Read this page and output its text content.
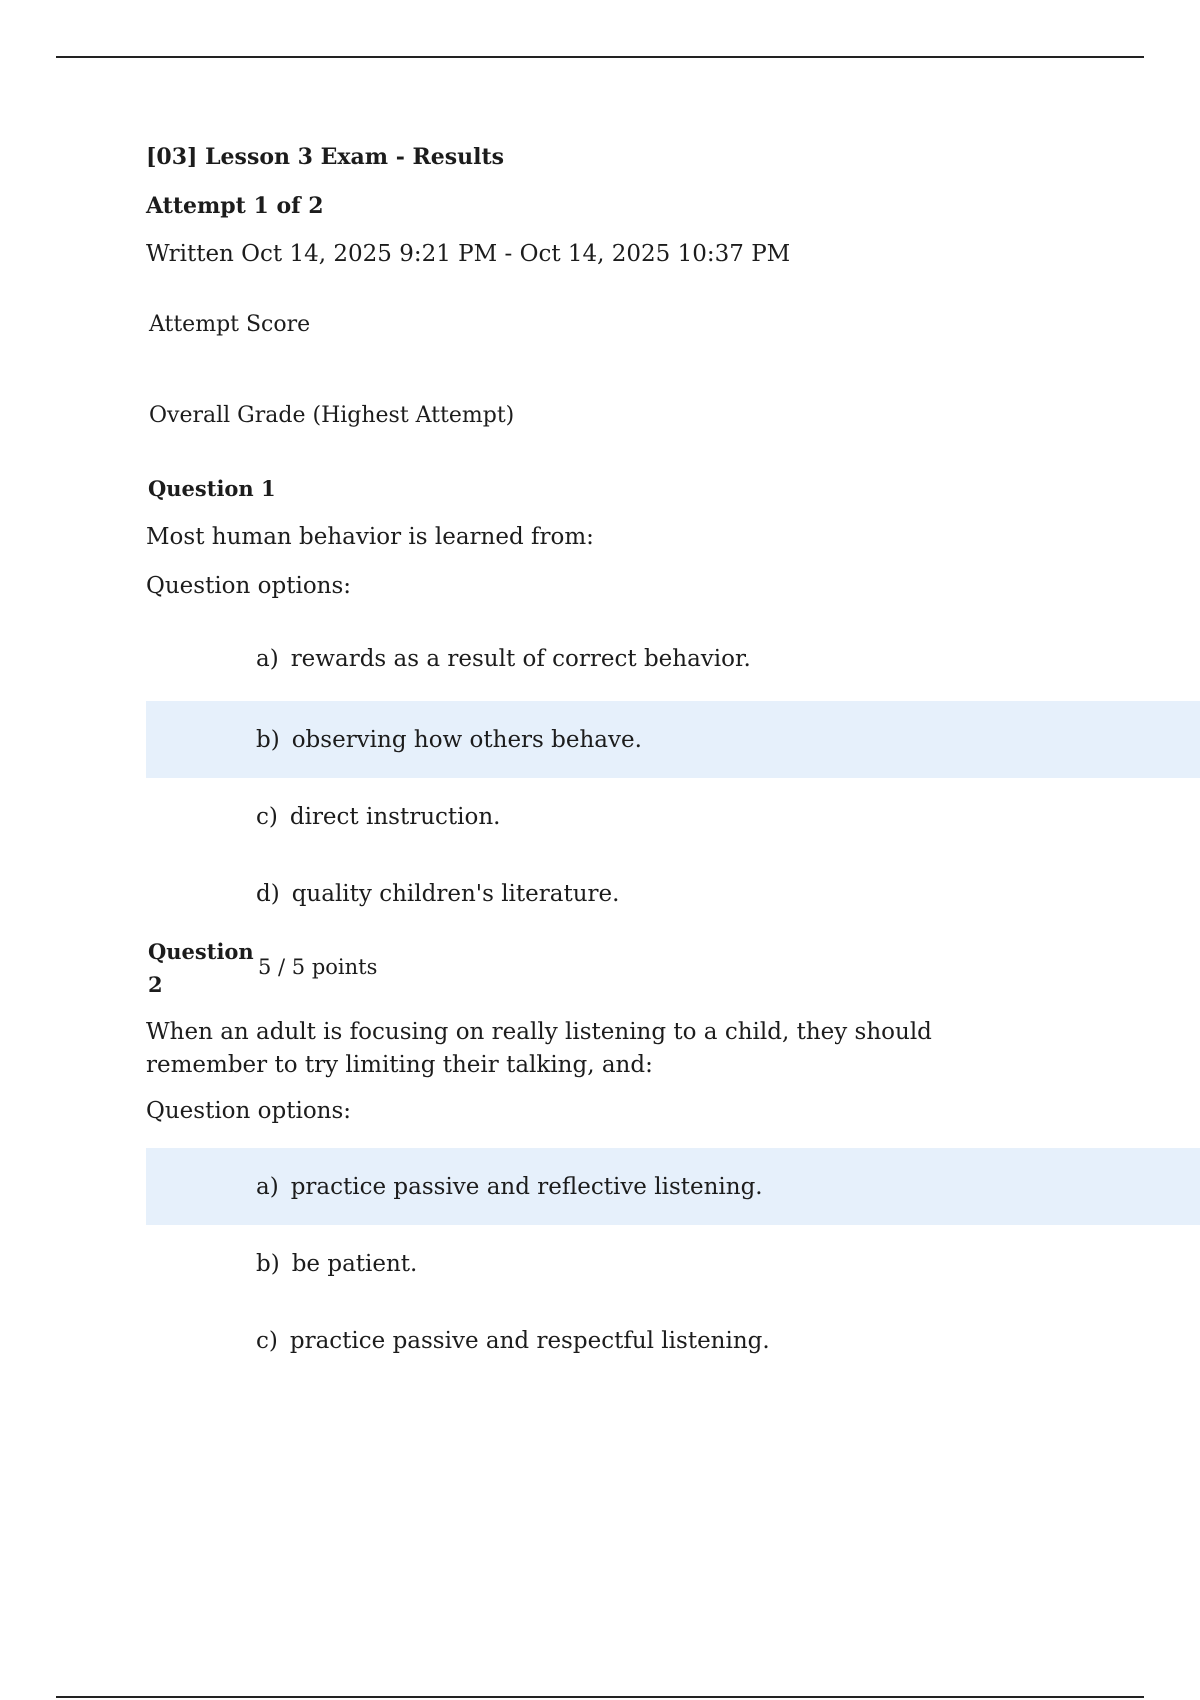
[03] Lesson 3 Exam - Results
Attempt 1 of 2
Written Oct 14, 2025 9:21 PM - Oct 14, 2025 10:37 PM
Attempt Score
Overall Grade (Highest Attempt)
Question 1
Most human behavior is learned from:
Question options:
a) rewards as a result of correct behavior.
b) observing how others behave.
c) direct instruction.
d) quality children's literature.
Question 2
5 / 5 points
When an adult is focusing on really listening to a child, they should remember to try limiting their talking, and:
Question options:
a) practice passive and reflective listening.
b) be patient.
c) practice passive and respectful listening.
